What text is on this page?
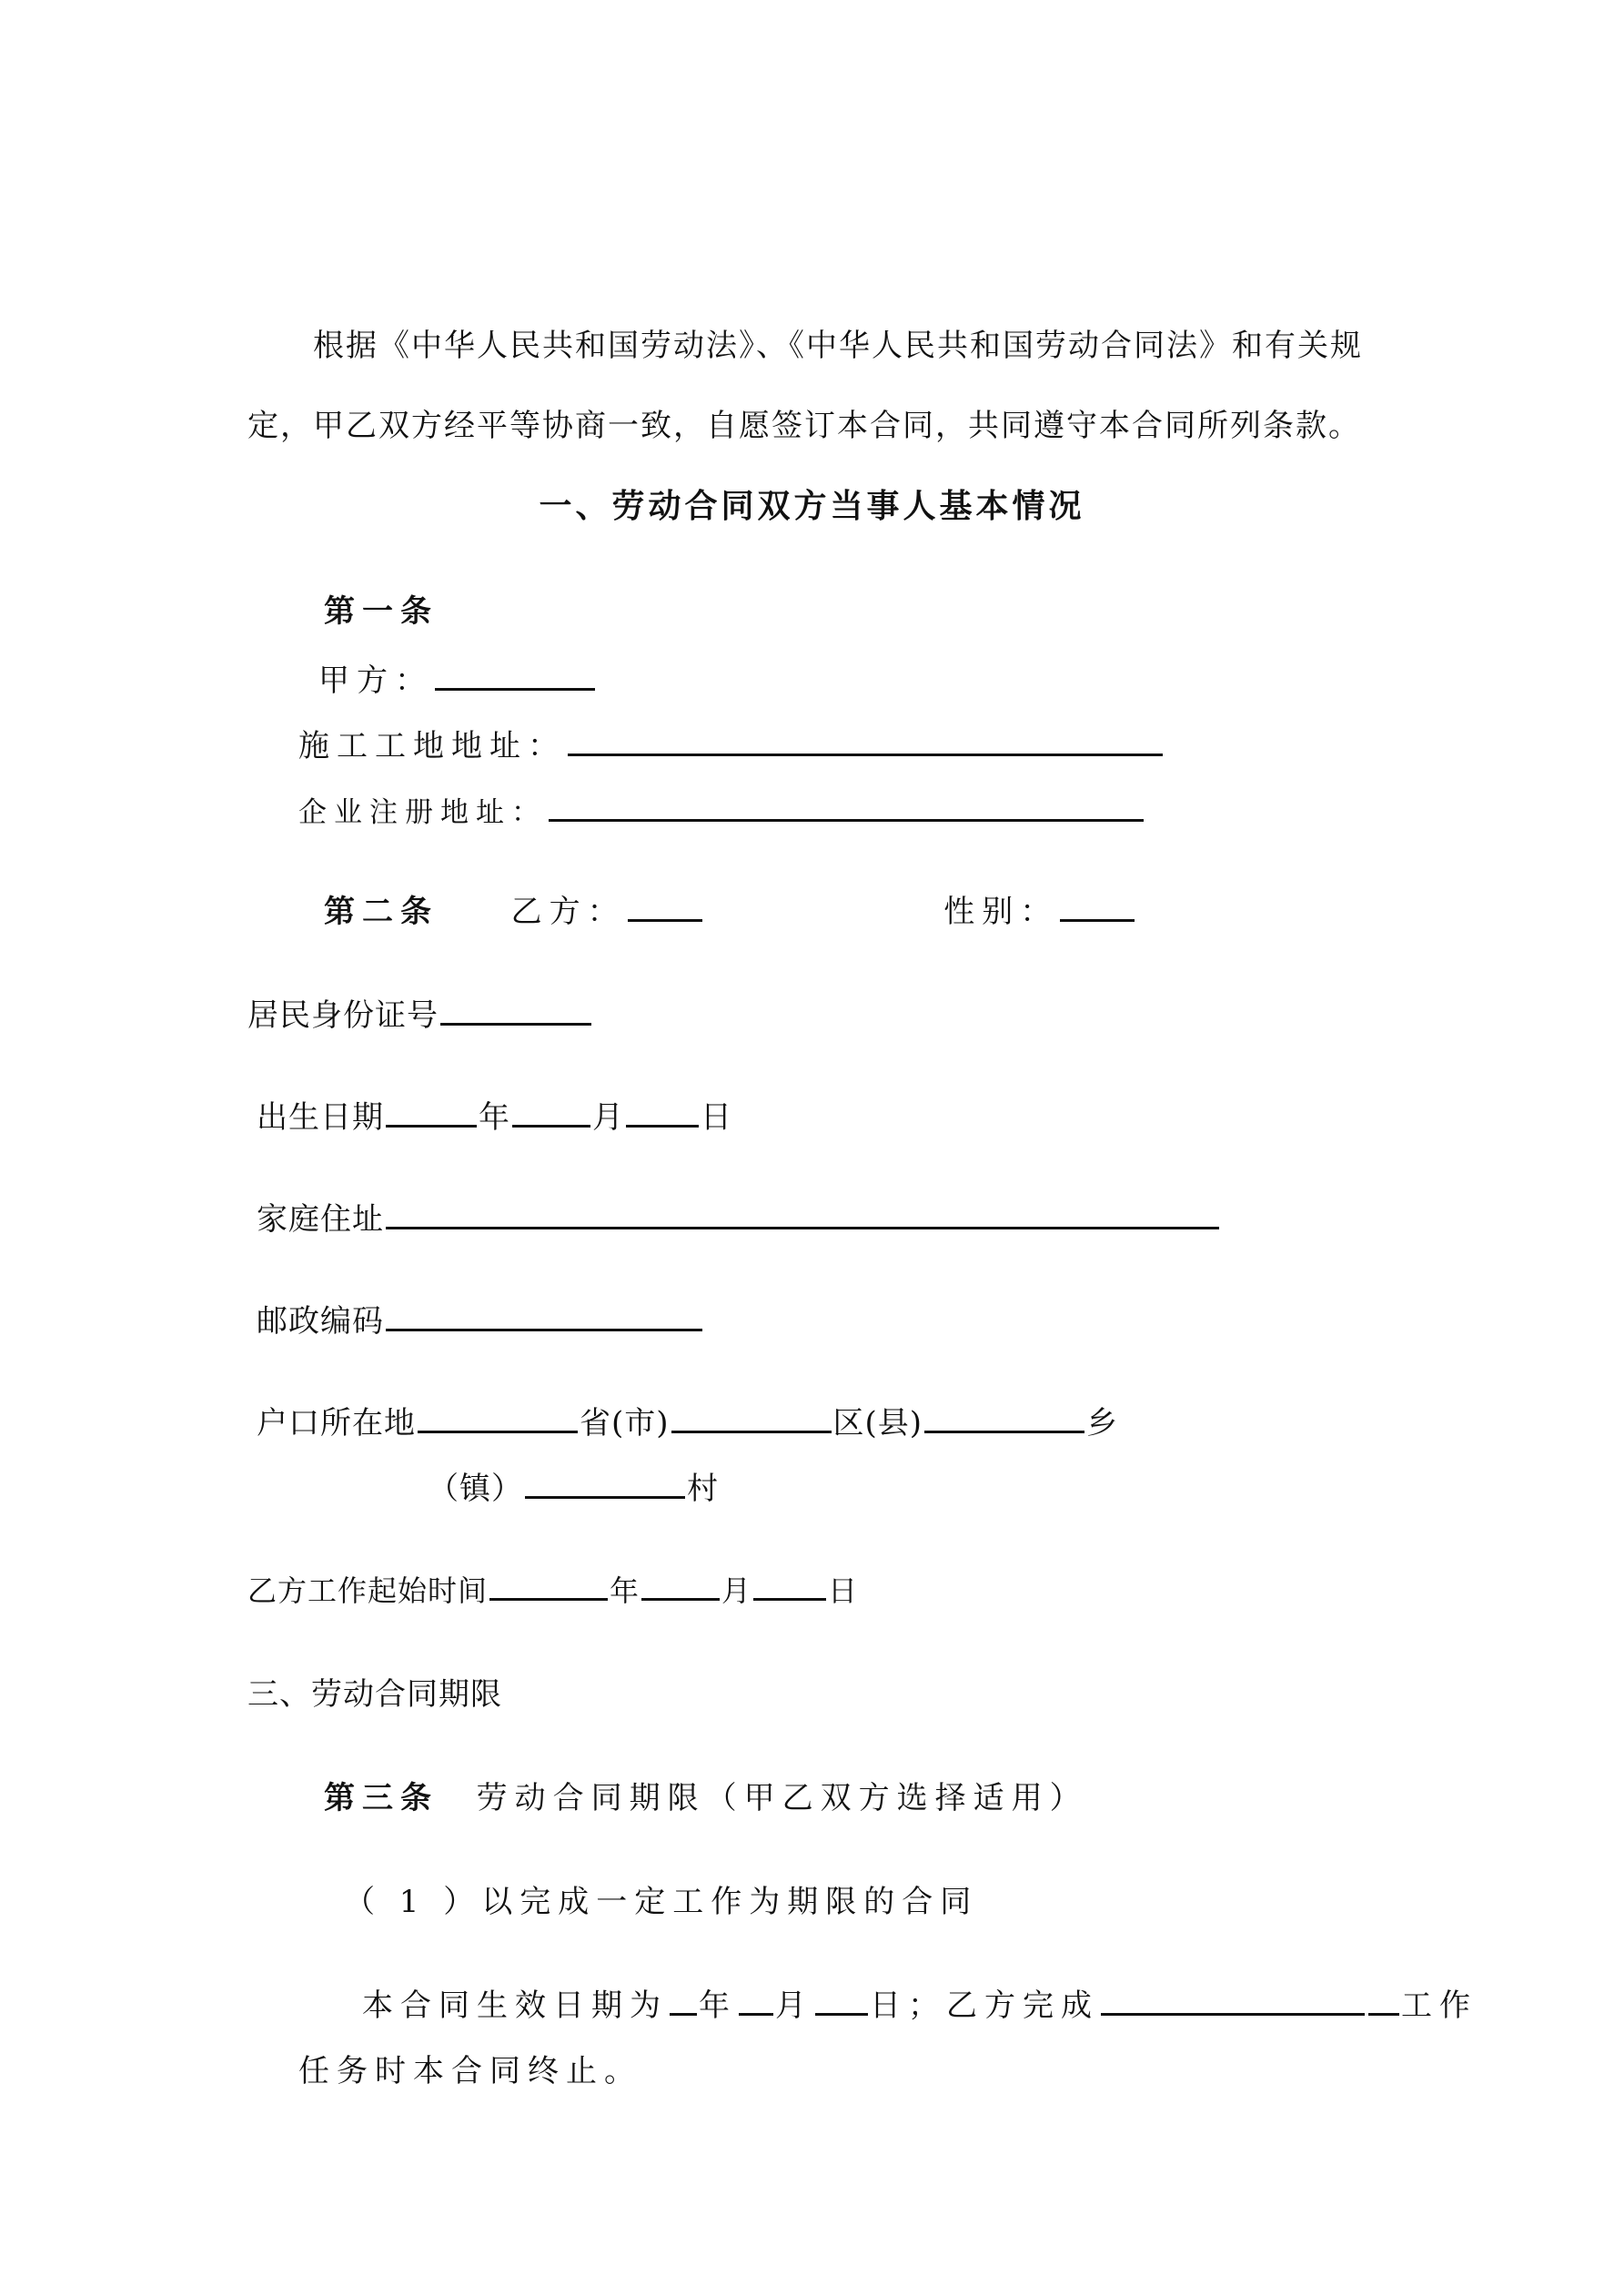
根据《中华人民共和国劳动法》、《中华人民共和国劳动合同法》和有关规定，甲乙双方经平等协商一致，自愿签订本合同，共同遵守本合同所列条款。
一、劳动合同双方当事人基本情况
第一条
甲方：
施工工地地址：
企业注册地址：
第二条 乙方：	性别：
居民身份证号
出生日期	年	月 日
家庭住址
邮政编码
户口所在地	省(市)	区(县)	乡
（镇）	村
乙方工作起始时间	年	月	日
三、劳动合同期限
第三条 劳动合同期限（甲乙双方选择适用）
（ 1 ）以完成一定工作为期限的合同
本合同生效日期为 年 月 日；乙方完成	工作
任务时本合同终止。
